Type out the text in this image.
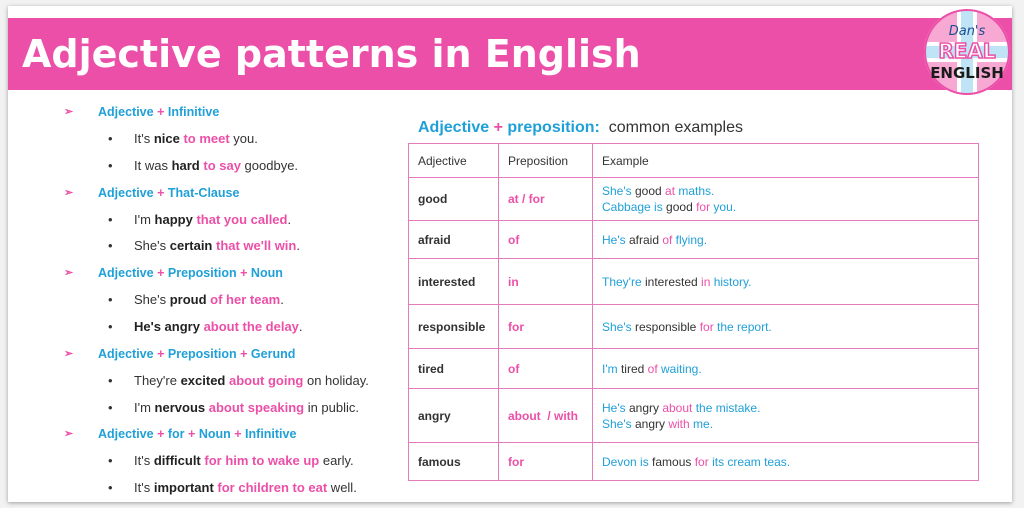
Adjective patterns in English
Dan's
REAL
ENGLISH
➢ Adjective + Infinitive
• It's nice to meet you.
• It was hard to say goodbye.
➢ Adjective + That-Clause
• I'm happy that you called.
• She's certain that we'll win.
➢ Adjective + Preposition + Noun
• She's proud of her team.
• He's angry about the delay.
➢ Adjective + Preposition + Gerund
• They're excited about going on holiday.
• I'm nervous about speaking in public.
➢ Adjective + for + Noun + Infinitive
• It's difficult for him to wake up early.
• It's important for children to eat well.
Adjective + preposition: common examples
Adjective	Preposition	Example
good	at / for	She's good at maths.
Cabbage is good for you.

afraid	of	He's afraid of flying.

interested	in	They're interested in history.

responsible	for	She's responsible for the report.

tired	of	I'm tired of waiting.

angry	about  / with	He's angry about the mistake.
She's angry with me.

famous	for	Devon is famous for its cream teas.
